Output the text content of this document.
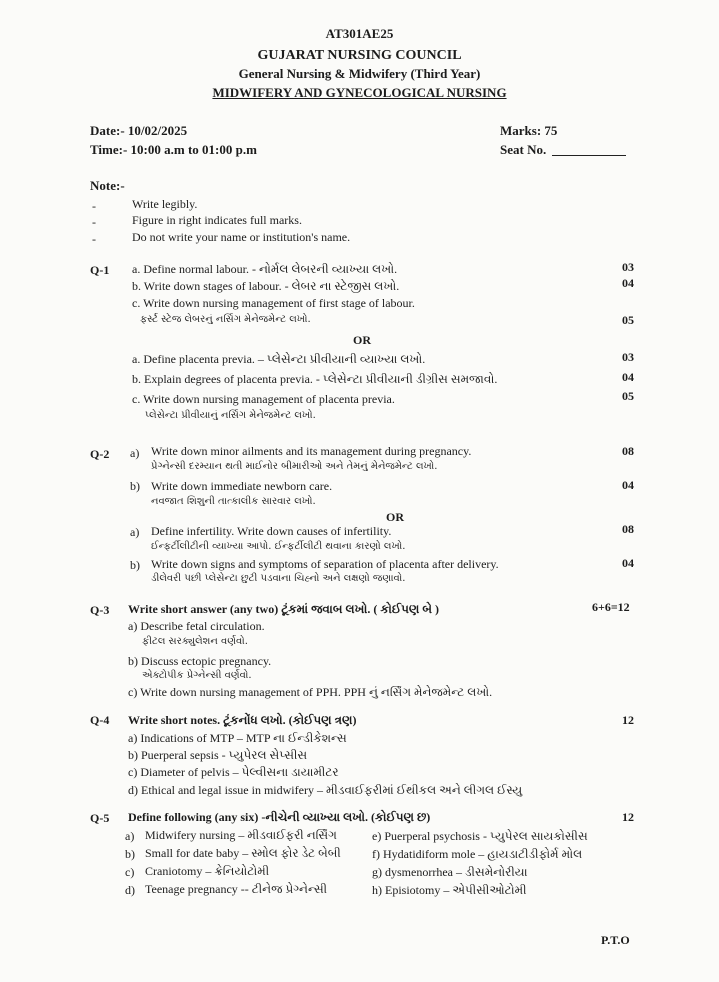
AT301AE25
GUJARAT NURSING COUNCIL
General Nursing & Midwifery (Third Year)
MIDWIFERY AND GYNECOLOGICAL NURSING
Date:- 10/02/2025
Time:- 10:00 a.m to 01:00 p.m
Marks: 75
Seat No.
Note:-
-	Write legibly.
-	Figure in right indicates full marks.
-	Do not write your name or institution's name.
Q-1 a. Define normal labour. - નોર્મલ લેબરની વ્યાખ્યા લખો.	03
b. Write down stages of labour. - લેબર ના સ્ટેજીસ લખો.	04
c. Write down nursing management of first stage of labour.
ફર્સ્ટ સ્ટેજ લેબરનું નર્સિંગ મેનેજમેન્ટ લખો.	05
OR
a. Define placenta previa. – પ્લેસેન્ટા પ્રીવીયાની વ્યાખ્યા લખો.	03
b. Explain degrees of placenta previa. - પ્લેસેન્ટા પ્રીવીયાની ડીગ્રીસ સમજાવો.	04
c. Write down nursing management of placenta previa.	05
પ્લેસેન્ટા પ્રીવીયાનું નર્સિંગ મેનેજમેન્ટ લખો.
Q-2 a) Write down minor ailments and its management during pregnancy.
પ્રેગ્નેન્સી દરમ્યાન થતી માઈનોર બીમારીઓ અને તેમનું મેનેજમેન્ટ લખો.
08
b) Write down immediate newborn care.
નવજાત શિશુની તાત્કાલીક સારવાર લખો.
04
OR
a) Define infertility. Write down causes of infertility.
ઈન્ફર્ટીલીટીની વ્યાખ્યા આપો. ઈન્ફર્ટીલીટી થવાના કારણો લખો.
08
b) Write down signs and symptoms of separation of placenta after delivery.
ડીલેવરી પછી પ્લેસેન્ટા છુટી પડવાના ચિહ્નો અને લક્ષણો જણાવો.
04
Q-3 Write short answer (any two) ટૂંકમાં જવાબ લખો. ( કોઈપણ બે )	6+6=12
a) Describe fetal circulation.
ફીટલ સરક્યુલેશન વર્ણવો.
b) Discuss ectopic pregnancy.
એક્ટોપીક પ્રેગ્નેન્સી વર્ણવો.
c) Write down nursing management of PPH. PPH નું નર્સિંગ મેનેજમેન્ટ લખો.
Q-4 Write short notes. ટૂંકનોંધ લખો. (કોઈપણ ત્રણ)	12
a) Indications of MTP – MTP ના ઈન્ડીકેશન્સ
b) Puerperal sepsis - પ્યુપેરલ સેપ્સીસ
c) Diameter of pelvis – પેલ્વીસના ડાયામીટર
d) Ethical and legal issue in midwifery – મીડવાઈફરીમાં ઈથીકલ અને લીગલ ઈસ્યુ
Q-5 Define following (any six) -નીચેની વ્યાખ્યા લખો. (કોઈપણ છ)	12
a) Midwifery nursing – મીડવાઈફરી નર્સિંગ
b) Small for date baby – સ્મોલ ફોર ડેટ બેબી
c) Craniotomy – ક્રેનિયોટોમી
d) Teenage pregnancy -- ટીનેજ પ્રેગ્નેન્સી
e) Puerperal psychosis - પ્યુપેરલ સાયકોસીસ
f) Hydatidiform mole – હાયડાટીડીફોર્મ મોલ
g) dysmenorrhea – ડીસમેનોરીયા
h) Episiotomy – એપીસીઓટોમી
P.T.O
